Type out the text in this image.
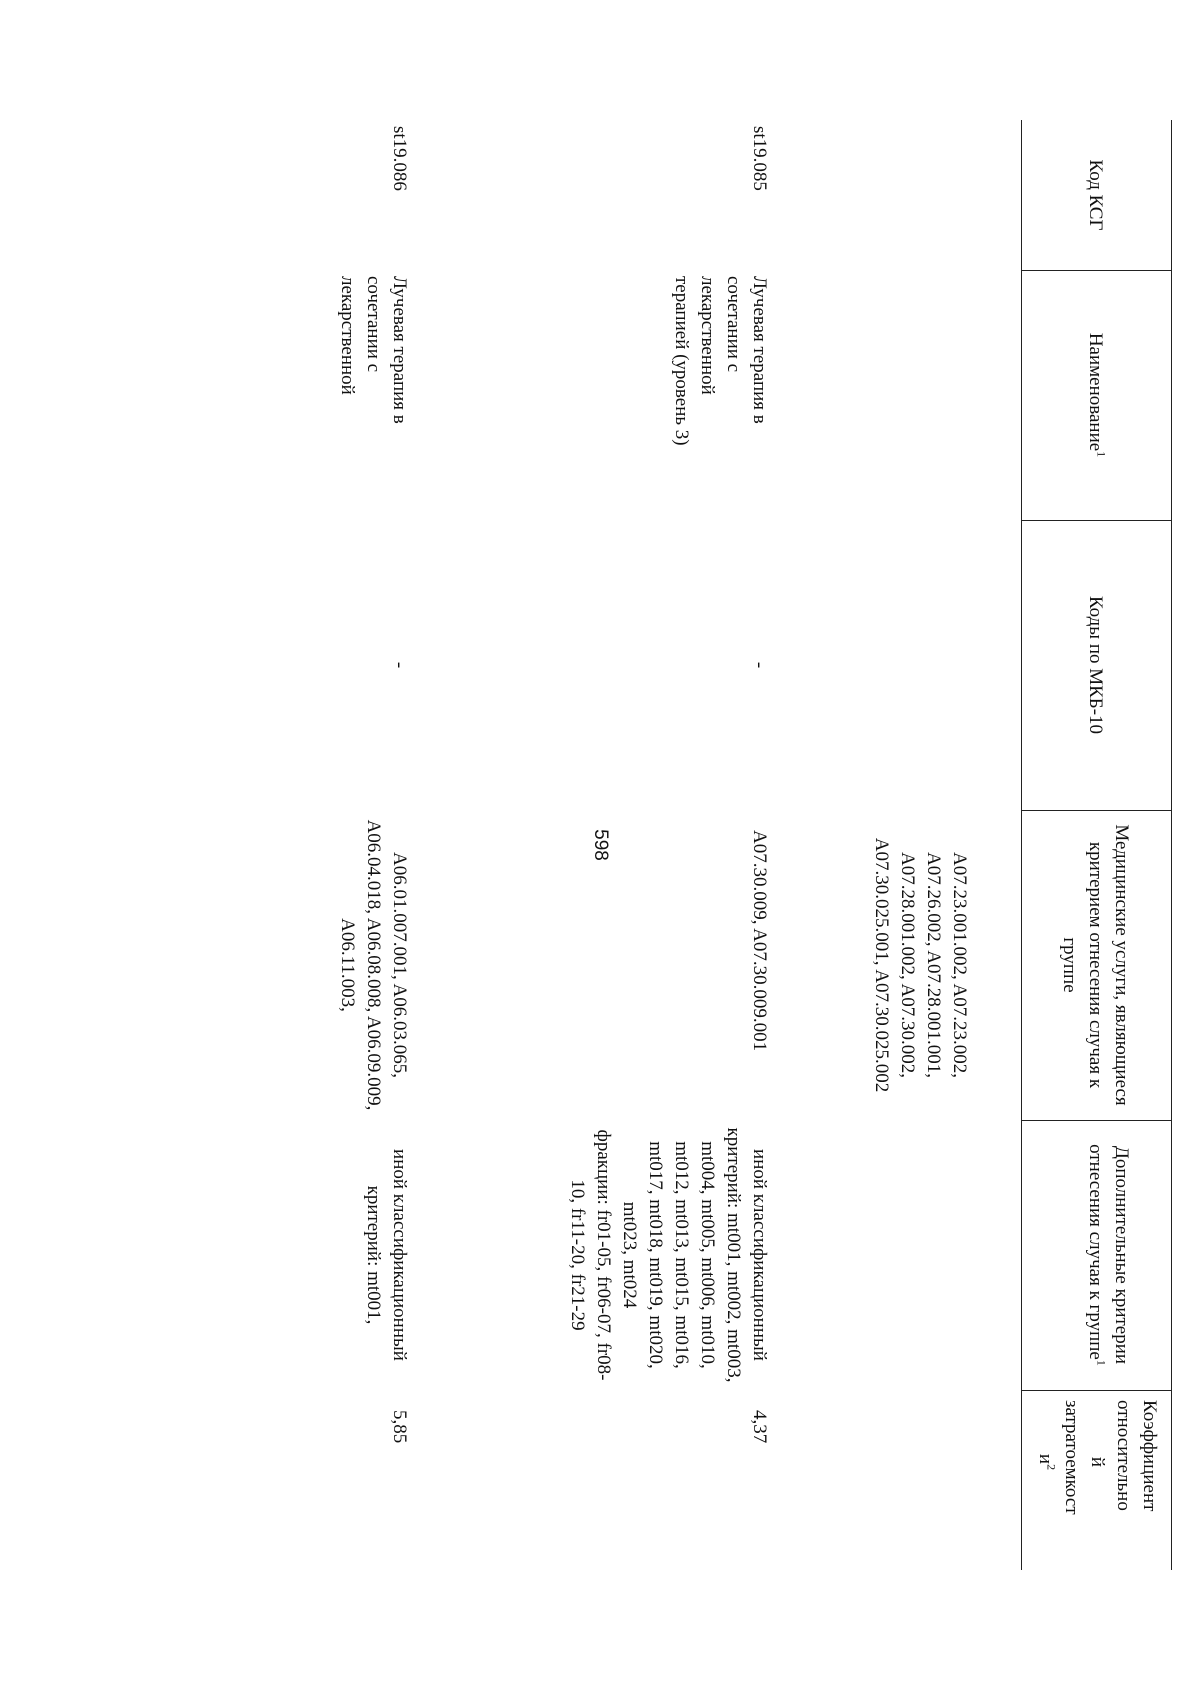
598
Код КСГ
Наименование$^1$
Коды по МКБ-10
Медицинские услуги, являющиеся критерием отнесения случая к группе
Дополнительные критерии отнесения случая к группе$^1$
Коэффициент
относительно
й
затратоемкост
$и^2$
A07.23.001.002, A07.23.002, A07.26.002, A07.28.001.001, A07.28.001.002, A07.30.002, A07.30.025.001, A07.30.025.002
st19.085
Лучевая терапия в сочетании с лекарственной терапией (уровень 3)
-
A07.30.009, A07.30.009.001
иной классификационный критерий: mt001, mt002, mt003, mt004, mt005, mt006, mt010, mt012, mt013, mt015, mt016, mt017, mt018, mt019, mt020, mt023, mt024
фракции: fr01-05, fr06-07, fr08-10, fr11-20, fr21-29
4,37
st19.086
Лучевая терапия в сочетании с лекарственной
-
A06.01.007.001, A06.03.065, A06.04.018, A06.08.008, A06.09.009, A06.11.003,
иной классификационный критерий: mt001,
5,85
